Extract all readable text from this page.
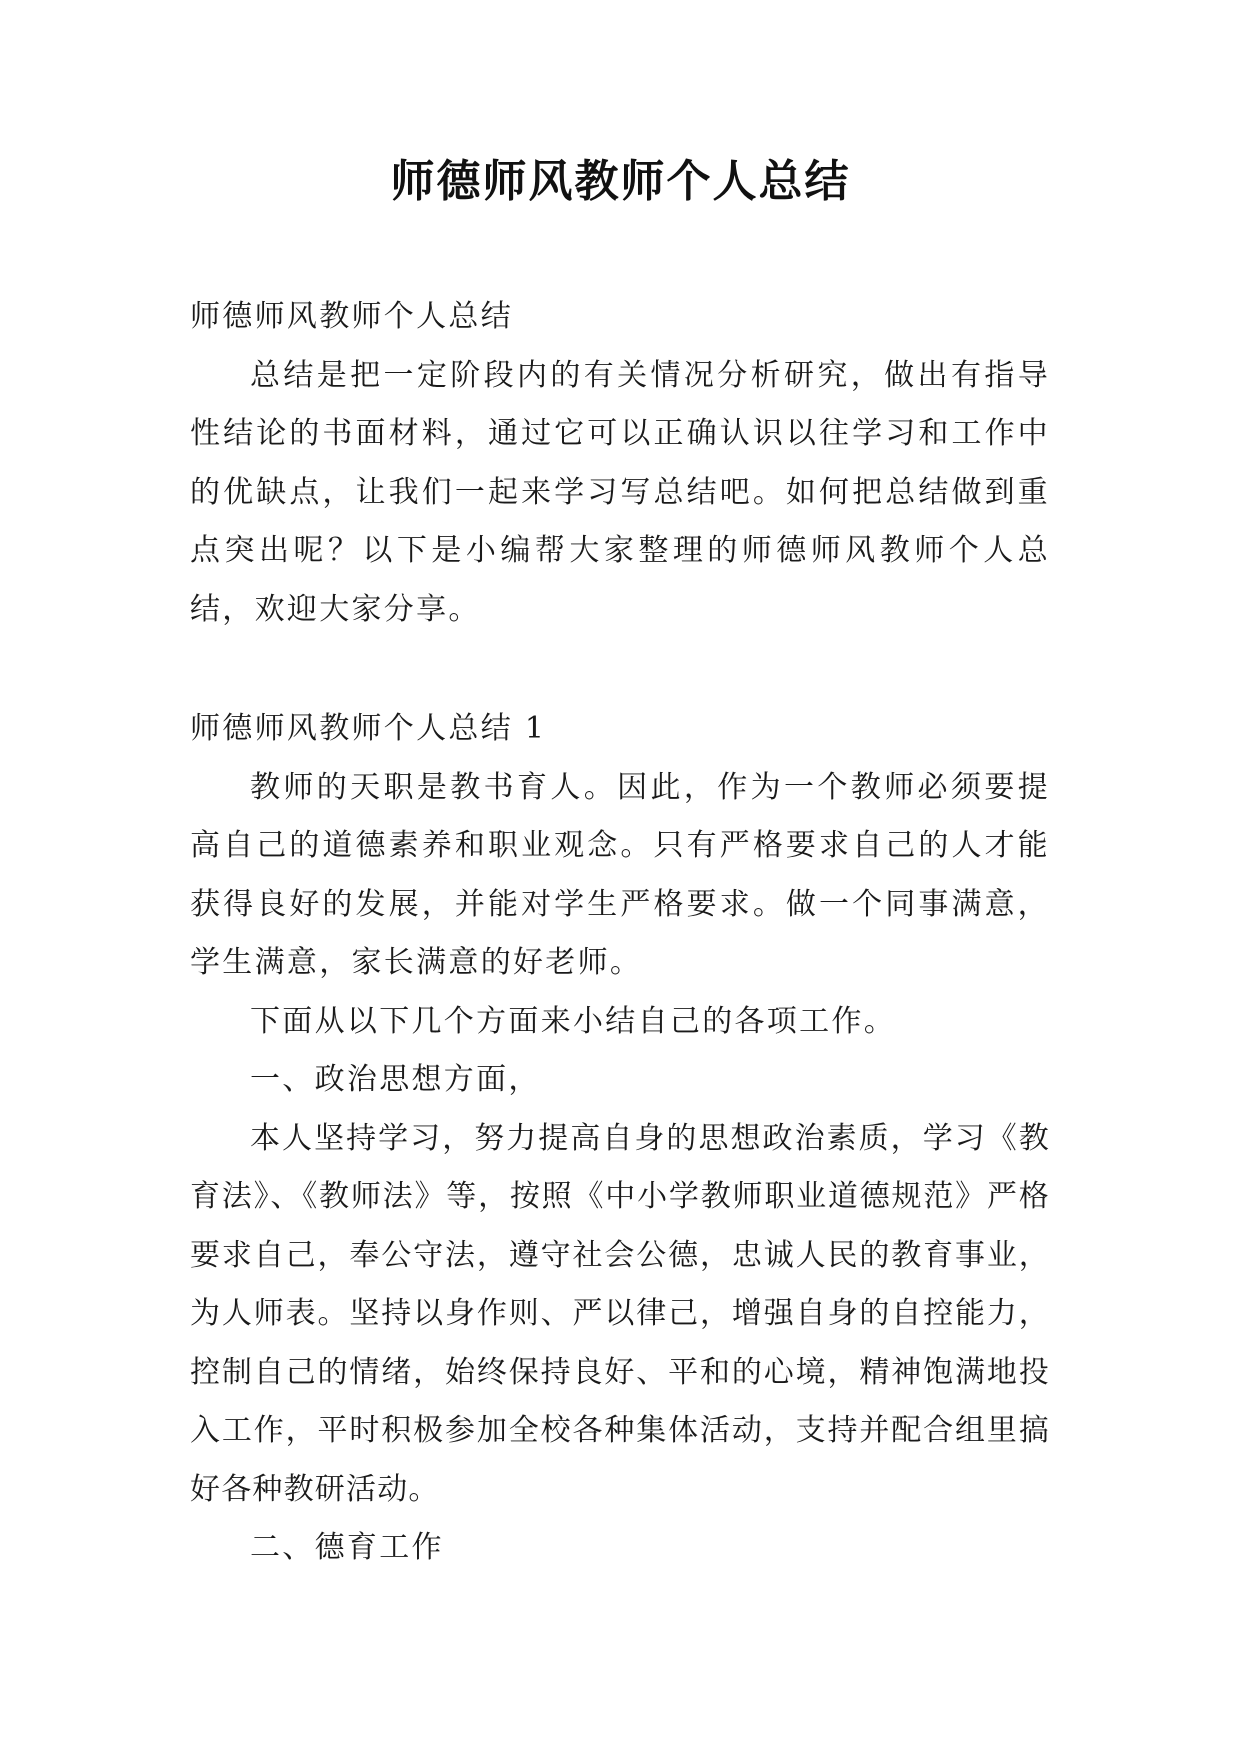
师德师风教师个人总结

师德师风教师个人总结

总结是把一定阶段内的有关情况分析研究，做出有指导性结论的书面材料，通过它可以正确认识以往学习和工作中的优缺点，让我们一起来学习写总结吧。如何把总结做到重点突出呢？以下是小编帮大家整理的师德师风教师个人总结，欢迎大家分享。

师德师风教师个人总结 1

教师的天职是教书育人。因此，作为一个教师必须要提高自己的道德素养和职业观念。只有严格要求自己的人才能获得良好的发展，并能对学生严格要求。做一个同事满意，学生满意，家长满意的好老师。

下面从以下几个方面来小结自己的各项工作。

一、政治思想方面，

本人坚持学习，努力提高自身的思想政治素质，学习《教育法》、《教师法》等，按照《中小学教师职业道德规范》严格要求自己，奉公守法，遵守社会公德，忠诚人民的教育事业，为人师表。坚持以身作则、严以律己，增强自身的自控能力，控制自己的情绪，始终保持良好、平和的心境，精神饱满地投入工作，平时积极参加全校各种集体活动，支持并配合组里搞好各种教研活动。

二、德育工作
